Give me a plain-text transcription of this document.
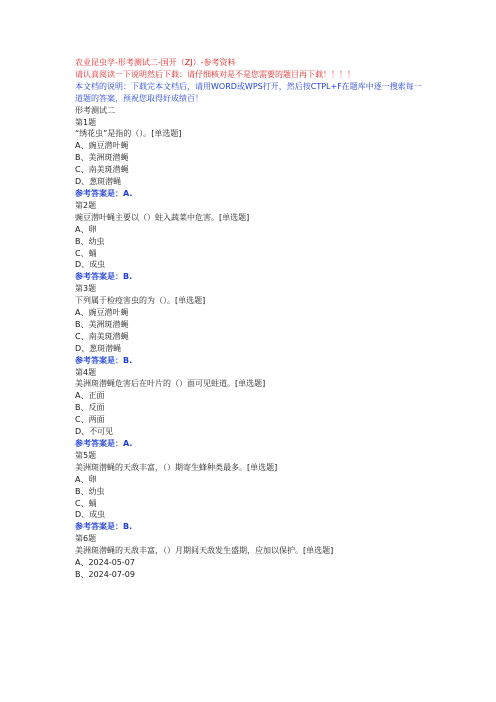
农业昆虫学-形考测试二-国开（ZJ）-参考资料
请认真阅读一下说明然后下载：请仔细核对是不是您需要的题目再下载！！！！
本文档的说明：下载完本文档后，请用WORD或WPS打开，然后按CTPL+F在题库中逐一搜索每一道题的答案，预祝您取得好成绩百！
形考测试二
第1题
“绣花虫”是指的（）。[单选题]
A、豌豆潜叶蝇
B、美洲斑潜蝇
C、南美斑潜蝇
D、葱斑潜蝇
参考答案是：A.
第2题
豌豆潜叶蝇主要以（）蛀入蔬菜中危害。[单选题]
A、卵
B、幼虫
C、蛹
D、成虫
参考答案是：B.
第3题
下列属于检疫害虫的为（）。[单选题]
A、豌豆潜叶蝇
B、美洲斑潜蝇
C、南美斑潜蝇
D、葱斑潜蝇
参考答案是：B.
第4题
美洲斑潜蝇危害后在叶片的（）面可见蛀道。[单选题]
A、正面
B、反面
C、两面
D、不可见
参考答案是：A.
第5题
美洲斑潜蝇的天敌丰富，（）期寄生蜂种类最多。[单选题]
A、卵
B、幼虫
C、蛹
D、成虫
参考答案是：B.
第6题
美洲斑潜蝇的天敌丰富，（）月期间天敌发生盛期，应加以保护。[单选题]
A、2024-05-07
B、2024-07-09
